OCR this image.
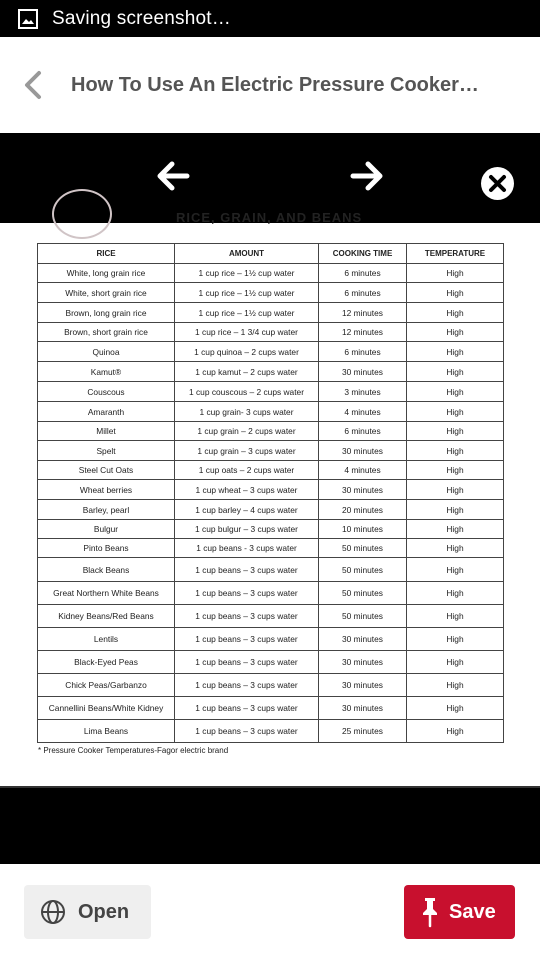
Saving screenshot…
How To Use An Electric Pressure Cooker…
RICE, GRAIN, AND BEANS
RICE	AMOUNT	COOKING TIME	TEMPERATURE
White, long grain rice	1 cup rice – 1½ cup water	6 minutes	High
White, short grain rice	1 cup rice – 1½ cup water	6 minutes	High
Brown, long grain rice	1 cup rice – 1½ cup water	12 minutes	High
Brown, short grain rice	1 cup rice – 1 3/4 cup water	12 minutes	High
Quinoa	1 cup quinoa – 2 cups water	6 minutes	High
Kamut®	1 cup kamut – 2 cups water	30 minutes	High
Couscous	1 cup couscous – 2 cups water	3 minutes	High
Amaranth	1 cup grain- 3 cups water	4 minutes	High
Millet	1 cup grain – 2 cups water	6 minutes	High
Spelt	1 cup grain – 3 cups water	30 minutes	High
Steel Cut Oats	1 cup oats – 2 cups water	4 minutes	High
Wheat berries	1 cup wheat – 3 cups water	30 minutes	High
Barley, pearl	1 cup barley – 4 cups water	20 minutes	High
Bulgur	1 cup bulgur – 3 cups water	10 minutes	High
Pinto Beans	1 cup beans - 3 cups water	50 minutes	High
Black Beans	1 cup beans – 3 cups water	50 minutes	High
Great Northern White Beans	1 cup beans – 3 cups water	50 minutes	High
Kidney Beans/Red Beans	1 cup beans – 3 cups water	50 minutes	High
Lentils	1 cup beans – 3 cups water	30 minutes	High
Black-Eyed Peas	1 cup beans – 3 cups water	30 minutes	High
Chick Peas/Garbanzo	1 cup beans – 3 cups water	30 minutes	High
Cannellini Beans/White Kidney	1 cup beans – 3 cups water	30 minutes	High
Lima Beans	1 cup beans – 3 cups water	25 minutes	High
* Pressure Cooker Temperatures-Fagor electric brand
Open	Save
